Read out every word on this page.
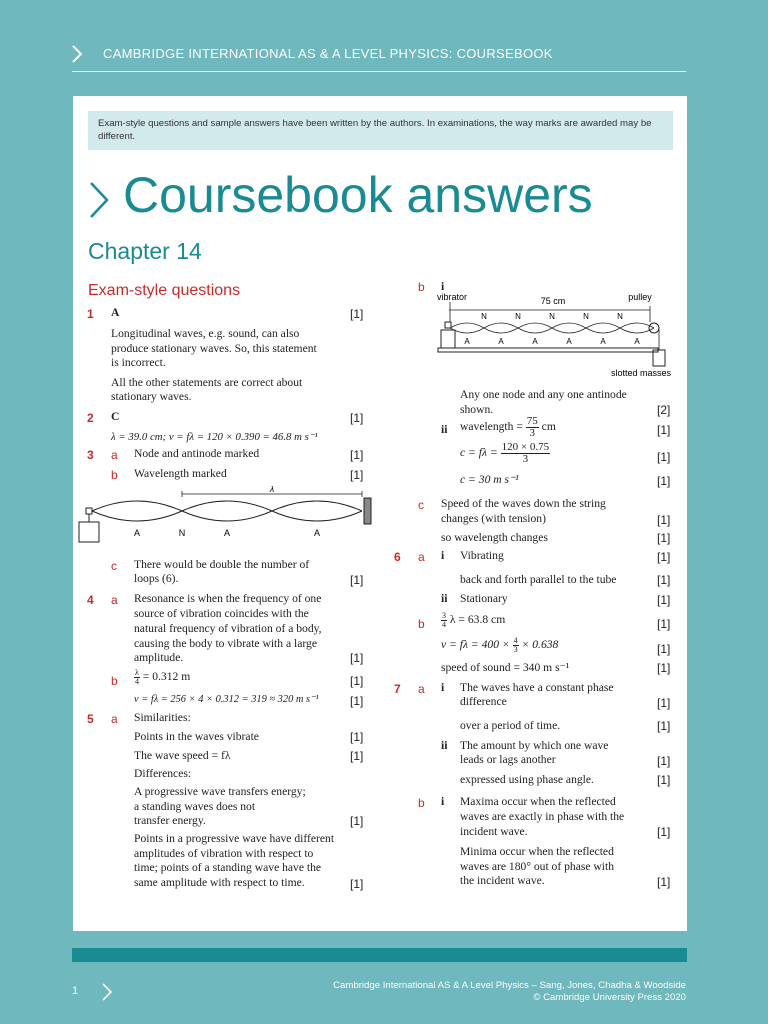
CAMBRIDGE INTERNATIONAL AS & A LEVEL PHYSICS: COURSEBOOK
Exam-style questions and sample answers have been written by the authors. In examinations, the way marks are awarded may be different.
Coursebook answers
Chapter 14
Exam-style questions
1 A	[1]
Longitudinal waves, e.g. sound, can also
produce stationary waves. So, this statement
is incorrect.
All the other statements are correct about
stationary waves.
2 C	[1]
λ = 39.0 cm; v = fλ = 120 × 0.390 = 46.8 m s⁻¹
3 a Node and antinode marked	[1]
b Wavelength marked	[1]
λ
A	N	A	A
c There would be double the number of
loops (6).	[1]
4 a Resonance is when the frequency of one
source of vibration coincides with the
natural frequency of vibration of a body,
causing the body to vibrate with a large
amplitude.	[1]
b $\frac{\lambda}{4} = 0.312$ m	[1]
v = fλ = 256 × 4 × 0.312 = 319 ≈ 320 m s⁻¹	[1]
5 a Similarities:
Points in the waves vibrate	[1]
The wave speed = fλ	[1]
Differences:
A progressive wave transfers energy;
a standing waves does not
transfer energy.	[1]
Points in a progressive wave have different
amplitudes of vibration with respect to
time; points of a standing wave have the
same amplitude with respect to time.	[1]
b i
vibrator	75 cm	pulley
N	N	N	N	N
A	A	A	A	A	A
slotted masses
Any one node and any one antinode
shown.	[2]
ii wavelength = $\frac{75}{3}$ cm	[1]
$c = f\lambda = \frac{120 \times 0.75}{3}$	[1]
c = 30 m s⁻¹	[1]
c Speed of the waves down the string
changes (with tension)	[1]
so wavelength changes	[1]
6 a i Vibrating	[1]
back and forth parallel to the tube	[1]
ii Stationary	[1]
b $\frac{3}{4}$ λ = 63.8 cm	[1]
$v = f\lambda = 400 \times \frac{4}{3} \times 0.638$	[1]
speed of sound = 340 m s⁻¹	[1]
7 a i The waves have a constant phase
difference	[1]
over a period of time.	[1]
ii The amount by which one wave
leads or lags another	[1]
expressed using phase angle.	[1]
b i Maxima occur when the reflected
waves are exactly in phase with the
incident wave.	[1]
Minima occur when the reflected
waves are 180° out of phase with
the incident wave.	[1]
1	Cambridge International AS & A Level Physics – Sang, Jones, Chadha & Woodside
© Cambridge University Press 2020
